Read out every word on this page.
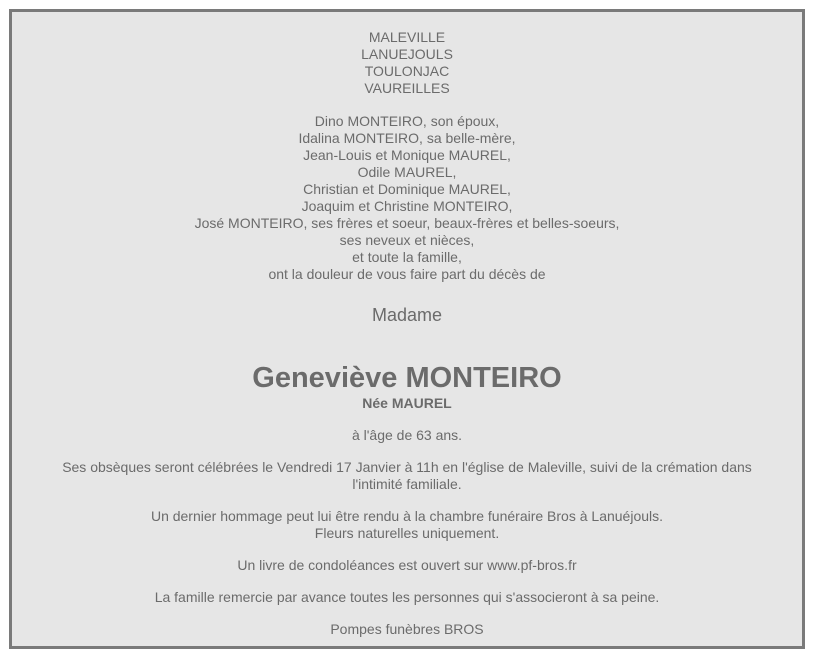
MALEVILLE
LANUEJOULS
TOULONJAC
VAUREILLES
Dino MONTEIRO, son époux,
Idalina MONTEIRO, sa belle-mère,
Jean-Louis et Monique MAUREL,
Odile MAUREL,
Christian et Dominique MAUREL,
Joaquim et Christine MONTEIRO,
José MONTEIRO, ses frères et soeur, beaux-frères et belles-soeurs,
ses neveux et nièces,
et toute la famille,
ont la douleur de vous faire part du décès de
Madame
Geneviève MONTEIRO
Née MAUREL
à l'âge de 63 ans.
Ses obsèques seront célébrées le Vendredi 17 Janvier à 11h en l'église de Maleville, suivi de la crémation dans
l'intimité familiale.
Un dernier hommage peut lui être rendu à la chambre funéraire Bros à Lanuéjouls.
Fleurs naturelles uniquement.
Un livre de condoléances est ouvert sur www.pf-bros.fr
La famille remercie par avance toutes les personnes qui s'associeront à sa peine.
Pompes funèbres BROS
